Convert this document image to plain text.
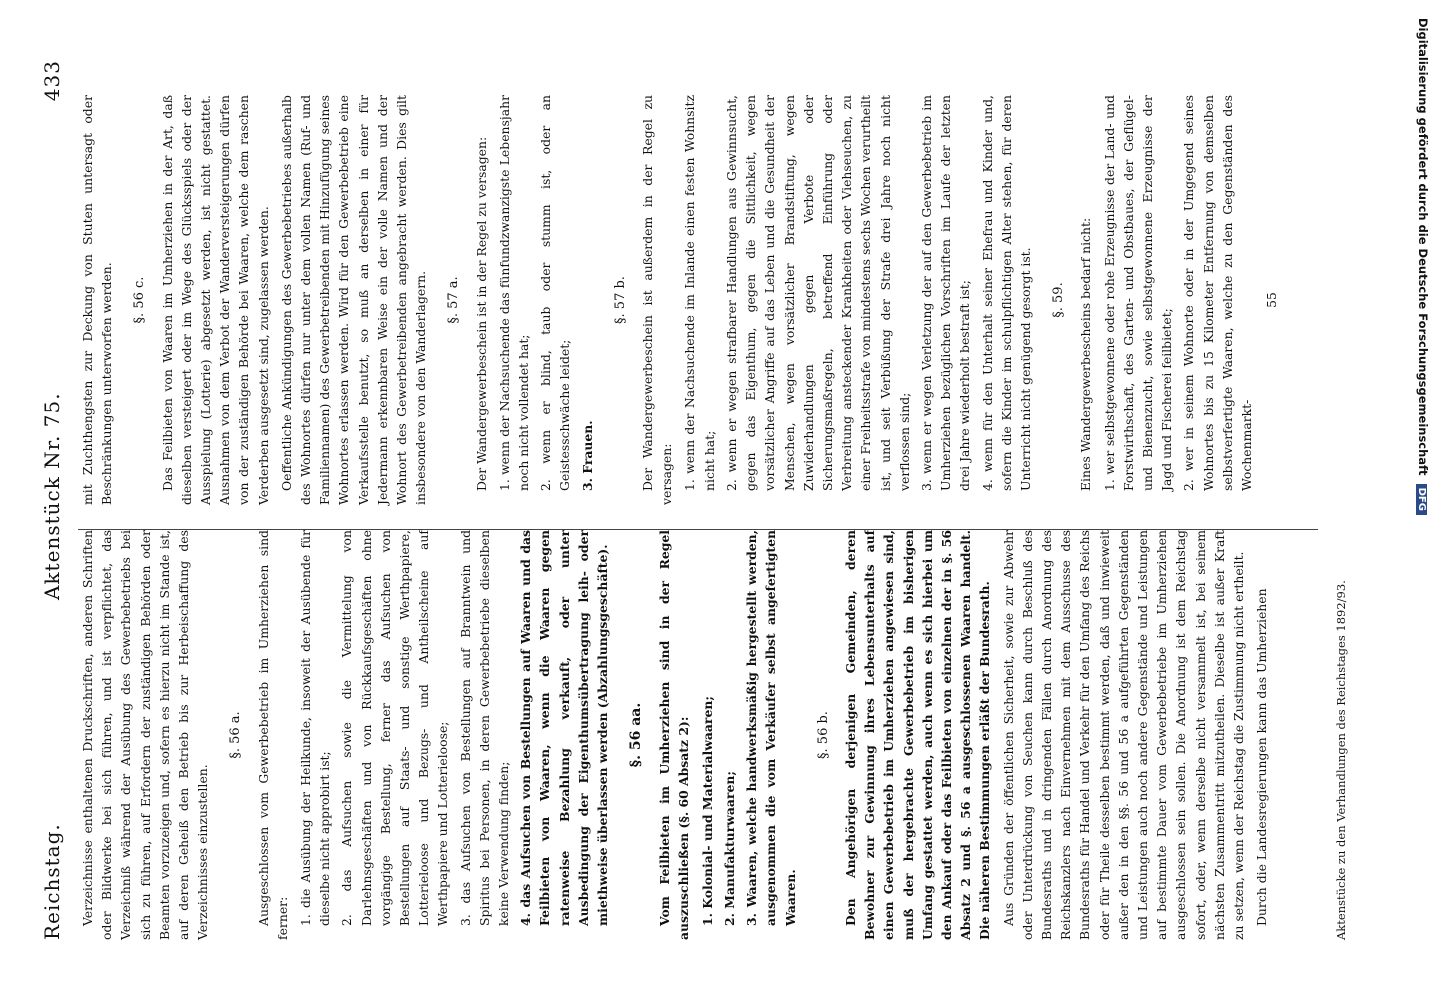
Reichstag.
Aktenstück Nr. 75.
433

Verzeichnisse enthaltenen Druckschriften, anderen Schriften oder Bildwerke bei sich führen, und ist verpflichtet, das Verzeichniß während der Ausübung des Gewerbebetriebs bei sich zu führen, auf Erfordern der zuständigen Behörden oder Beamten vorzuzeigen und, sofern es hierzu nicht im Stande ist, auf deren Geheiß den Betrieb bis zur Herbeischaffung des Verzeichnisses einzustellen.

§. 56 a. Ausgeschlossen vom Gewerbebetrieb im Umherziehen sind ferner: 1. die Ausübung der Heilkunde, insoweit der Ausübende für dieselbe nicht approbirt ist; 2. das Aufsuchen sowie die Vermittelung von Darlehnsgeschäften und von Rückkaufsgeschäften ohne vorgängige Bestellung, ferner das Aufsuchen von Bestellungen auf Staats- und sonstige Werthpapiere, Lotterieloose und Bezugs- und Antheilscheine auf Werthpapiere und Lotterieloose; 3. das Aufsuchen von Bestellungen auf Branntwein und Spiritus bei Personen, in deren Gewerbebetriebe dieselben keine Verwendung finden; 4. das Aufsuchen von Bestellungen auf Waaren und das Feilbieten von Waaren, wenn die Waaren gegen ratenweise Bezahlung verkauft, oder unter Ausbedingung der Eigenthumsübertragung leih- oder miethweise überlassen werden (Abzahlungsgeschäfte). §. 56 aa. Vom Feilbieten im Umherziehen sind in der Regel auszuschließen (§. 60 Absatz 2): 1. Kolonial- und Materialwaaren; 2. Manufakturwaaren; 3. Waaren, welche handwerksmäßig hergestellt werden, ausgenommen die vom Verkäufer selbst angefertigten Waaren.
§. 56 b. Den Angehörigen derjenigen Gemeinden, deren Bewohner zur Gewinnung ihres Lebensunterhalts auf einen Gewerbebetrieb im Umherziehen angewiesen sind, muß der hergebrachte Gewerbebetrieb im bisherigen Umfang gestattet werden, auch wenn es sich hierbei um den Ankauf oder das Feilbieten von einzelnen der in §. 56 Absatz 2 und §. 56 a ausgeschlossenen Waaren handelt. Die näheren Bestimmungen erläßt der Bundesrath. Aus Gründen der öffentlichen Sicherheit, sowie zur Abwehr oder Unterdrückung von Seuchen kann durch Beschluß des Bundesraths und in dringenden Fällen durch Anordnung des Reichskanzlers nach Einvernehmen mit dem Ausschusse des Bundesraths für Handel und Verkehr für den Umfang des Reichs oder für Theile desselben bestimmt werden, daß und inwieweit außer den in den §§. 56 und 56 a aufgeführten Gegenständen und Leistungen auch noch andere Gegenstände und Leistungen auf bestimmte Dauer vom Gewerbebetriebe im Umherziehen ausgeschlossen sein sollen. Die Anordnung ist dem Reichstag sofort, oder, wenn derselbe nicht versammelt ist, bei seinem nächsten Zusammentritt mitzutheilen. Dieselbe ist außer Kraft zu setzen, wenn der Reichstag die Zustimmung nicht ertheilt. Durch die Landesregierungen kann das Umherziehen

mit Zuchthengsten zur Deckung von Stuten untersagt oder Beschränkungen unterworfen werden. §. 56 c. Das Feilbieten von Waaren im Umherziehen in der Art, daß dieselben versteigert oder im Wege des Glücksspiels oder der Ausspielung (Lotterie) abgesetzt werden, ist nicht gestattet. Ausnahmen von dem Verbot der Wanderversteigerungen dürfen von der zuständigen Behörde bei Waaren, welche dem raschen Verderben ausgesetzt sind, zugelassen werden. Oeffentliche Ankündigungen des Gewerbebetriebes außerhalb des Wohnortes dürfen nur unter dem vollen Namen (Ruf- und Familiennamen) des Gewerbetreibenden mit Hinzufügung seines Wohnortes erlassen werden. Wird für den Gewerbebetrieb eine Verkaufsstelle benutzt, so muß an derselben in einer für Jedermann erkennbaren Weise ein der volle Namen und der Wohnort des Gewerbetreibenden angebracht werden. Dies gilt insbesondere von den Wanderlagern. §. 57 a. Der Wandergewerbeschein ist in der Regel zu versagen: 1. wenn der Nachsuchende das fünfundzwanzigste Lebensjahr noch nicht vollendet hat; 2. wenn er blind, taub oder stumm ist, oder an Geistesschwäche leidet; 3. Frauen.
§. 57 b. Der Wandergewerbeschein ist außerdem in der Regel zu versagen: 1. wenn der Nachsuchende im Inlande einen festen Wohnsitz nicht hat; 2. wenn er wegen strafbarer Handlungen aus Gewinnsucht, gegen das Eigenthum, gegen die Sittlichkeit, wegen vorsätzlicher Angriffe auf das Leben und die Gesundheit der Menschen, wegen vorsätzlicher Brandstiftung, wegen Zuwiderhandlungen gegen Verbote oder Sicherungsmaßregeln, betreffend Einführung oder Verbreitung ansteckender Krankheiten oder Viehseuchen, zu einer Freiheitsstrafe von mindestens sechs Wochen verurtheilt ist, und seit Verbüßung der Strafe drei Jahre noch nicht verflossen sind; 3. wenn er wegen Verletzung der auf den Gewerbebetrieb im Umherziehen bezüglichen Vorschriften im Laufe der letzten drei Jahre wiederholt bestraft ist; 4. wenn für den Unterhalt seiner Ehefrau und Kinder und, sofern die Kinder im schulpflichtigen Alter stehen, für deren Unterricht nicht genügend gesorgt ist. §. 59. Eines Wandergewerbescheins bedarf nicht: 1. wer selbstgewonnene oder rohe Erzeugnisse der Land- und Forstwirthschaft, des Garten- und Obstbaues, der Geflügel- und Bienenzucht, sowie selbstgewonnene Erzeugnisse der Jagd und Fischerei feilbietet; 2. wer in seinem Wohnorte oder in der Umgegend seines Wohnortes bis zu 15 Kilometer Entfernung von demselben selbstverfertigte Waaren, welche zu den Gegenständen des Wochenmarkt-
55
Aktenstücke zu den Verhandlungen des Reichstages 1892/93.
Digitalisierung gefördert durch die Deutsche Forschungsgemeinschaft DFG
